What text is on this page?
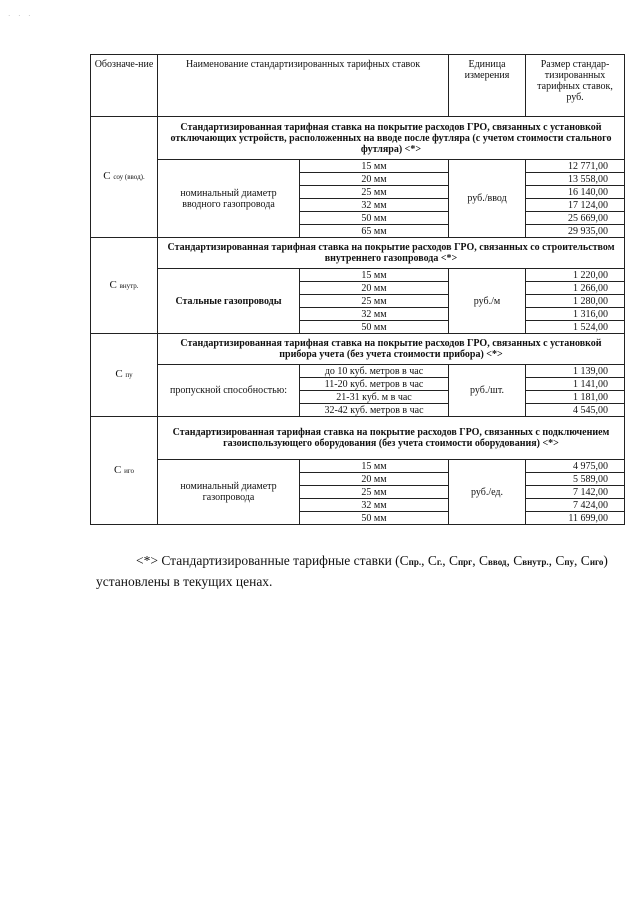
· · ·
Обозначе-ние	Наименование стандартизированных тарифных ставок		Единица измерения	Размер стандар-тизированных тарифных ставок, руб.
С соу (ввод).	Стандартизированная тарифная ставка на покрытие расходов ГРО, связанных с установкой отключающих устройств, расположенных на вводе после футляра (с учетом стоимости стального футляра) <*>			
	номинальный диаметр вводного газопровода	15 мм	руб./ввод	12 771,00
		20 мм		13 558,00
		25 мм		16 140,00
		32 мм		17 124,00
		50 мм		25 669,00
		65 мм		29 935,00
С внутр.	Стандартизированная тарифная ставка на покрытие расходов ГРО, связанных со строительством внутреннего газопровода <*>			
	Стальные газопроводы	15 мм	руб./м	1 220,00
		20 мм		1 266,00
		25 мм		1 280,00
		32 мм		1 316,00
		50 мм		1 524,00
С пу	Стандартизированная тарифная ставка на покрытие расходов ГРО, связанных с установкой прибора учета (без учета стоимости прибора) <*>			
	пропускной способностью:	до 10 куб. метров в час	руб./шт.	1 139,00
		11-20 куб. метров в час		1 141,00
		21-31 куб. м в час		1 181,00
		32-42 куб. метров в час		4 545,00
С иго	Стандартизированная тарифная ставка на покрытие расходов ГРО, связанных с подключением газоиспользующего оборудования (без учета стоимости оборудования) <*>			
	номинальный диаметр газопровода	15 мм	руб./ед.	4 975,00
		20 мм		5 589,00
		25 мм		7 142,00
		32 мм		7 424,00
		50 мм		11 699,00
<*> Стандартизированные тарифные ставки (Спр., Сг., Спрг, Сввод, Свнутр., Спу, Сиго) установлены в текущих ценах.
